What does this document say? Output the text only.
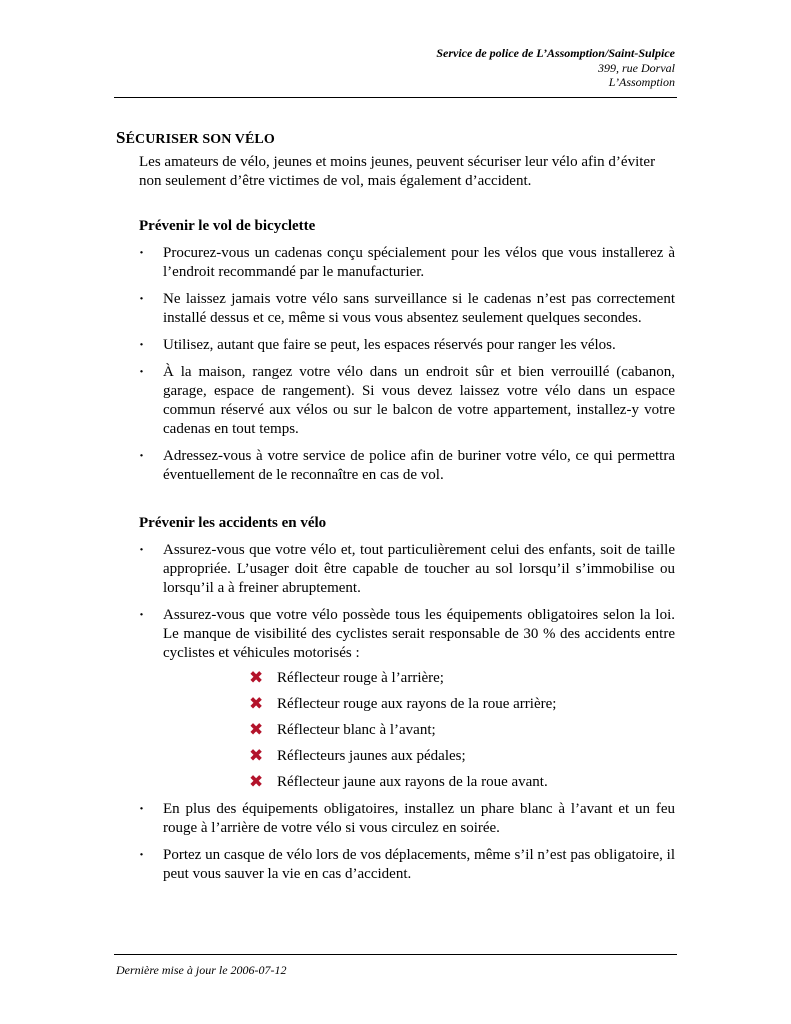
Service de police de L’Assomption/Saint-Sulpice
399, rue Dorval
L’Assomption
SÉCURISER SON VÉLO

Les amateurs de vélo, jeunes et moins jeunes, peuvent sécuriser leur vélo afin d’éviter non seulement d’être victimes de vol, mais également d’accident.

Prévenir le vol de bicyclette
· Procurez-vous un cadenas conçu spécialement pour les vélos que vous installerez à l’endroit recommandé par le manufacturier.
· Ne laissez jamais votre vélo sans surveillance si le cadenas n’est pas correctement installé dessus et ce, même si vous vous absentez seulement quelques secondes.
· Utilisez, autant que faire se peut, les espaces réservés pour ranger les vélos.
· À la maison, rangez votre vélo dans un endroit sûr et bien verrouillé (cabanon, garage, espace de rangement). Si vous devez laissez votre vélo dans un espace commun réservé aux vélos ou sur le balcon de votre appartement, installez-y votre cadenas en tout temps.
· Adressez-vous à votre service de police afin de buriner votre vélo, ce qui permettra éventuellement de le reconnaître en cas de vol.
Prévenir les accidents en vélo
· Assurez-vous que votre vélo et, tout particulièrement celui des enfants, soit de taille appropriée. L’usager doit être capable de toucher au sol lorsqu’il s’immobilise ou lorsqu’il a à freiner abruptement.
· Assurez-vous que votre vélo possède tous les équipements obligatoires selon la loi. Le manque de visibilité des cyclistes serait responsable de 30 % des accidents entre cyclistes et véhicules motorisés :
✖ Réflecteur rouge à l’arrière;
✖ Réflecteur rouge aux rayons de la roue arrière;
✖ Réflecteur blanc à l’avant;
✖ Réflecteurs jaunes aux pédales;
✖ Réflecteur jaune aux rayons de la roue avant.
· En plus des équipements obligatoires, installez un phare blanc à l’avant et un feu rouge à l’arrière de votre vélo si vous circulez en soirée.
· Portez un casque de vélo lors de vos déplacements, même s’il n’est pas obligatoire, il peut vous sauver la vie en cas d’accident.
Dernière mise à jour le 2006-07-12
